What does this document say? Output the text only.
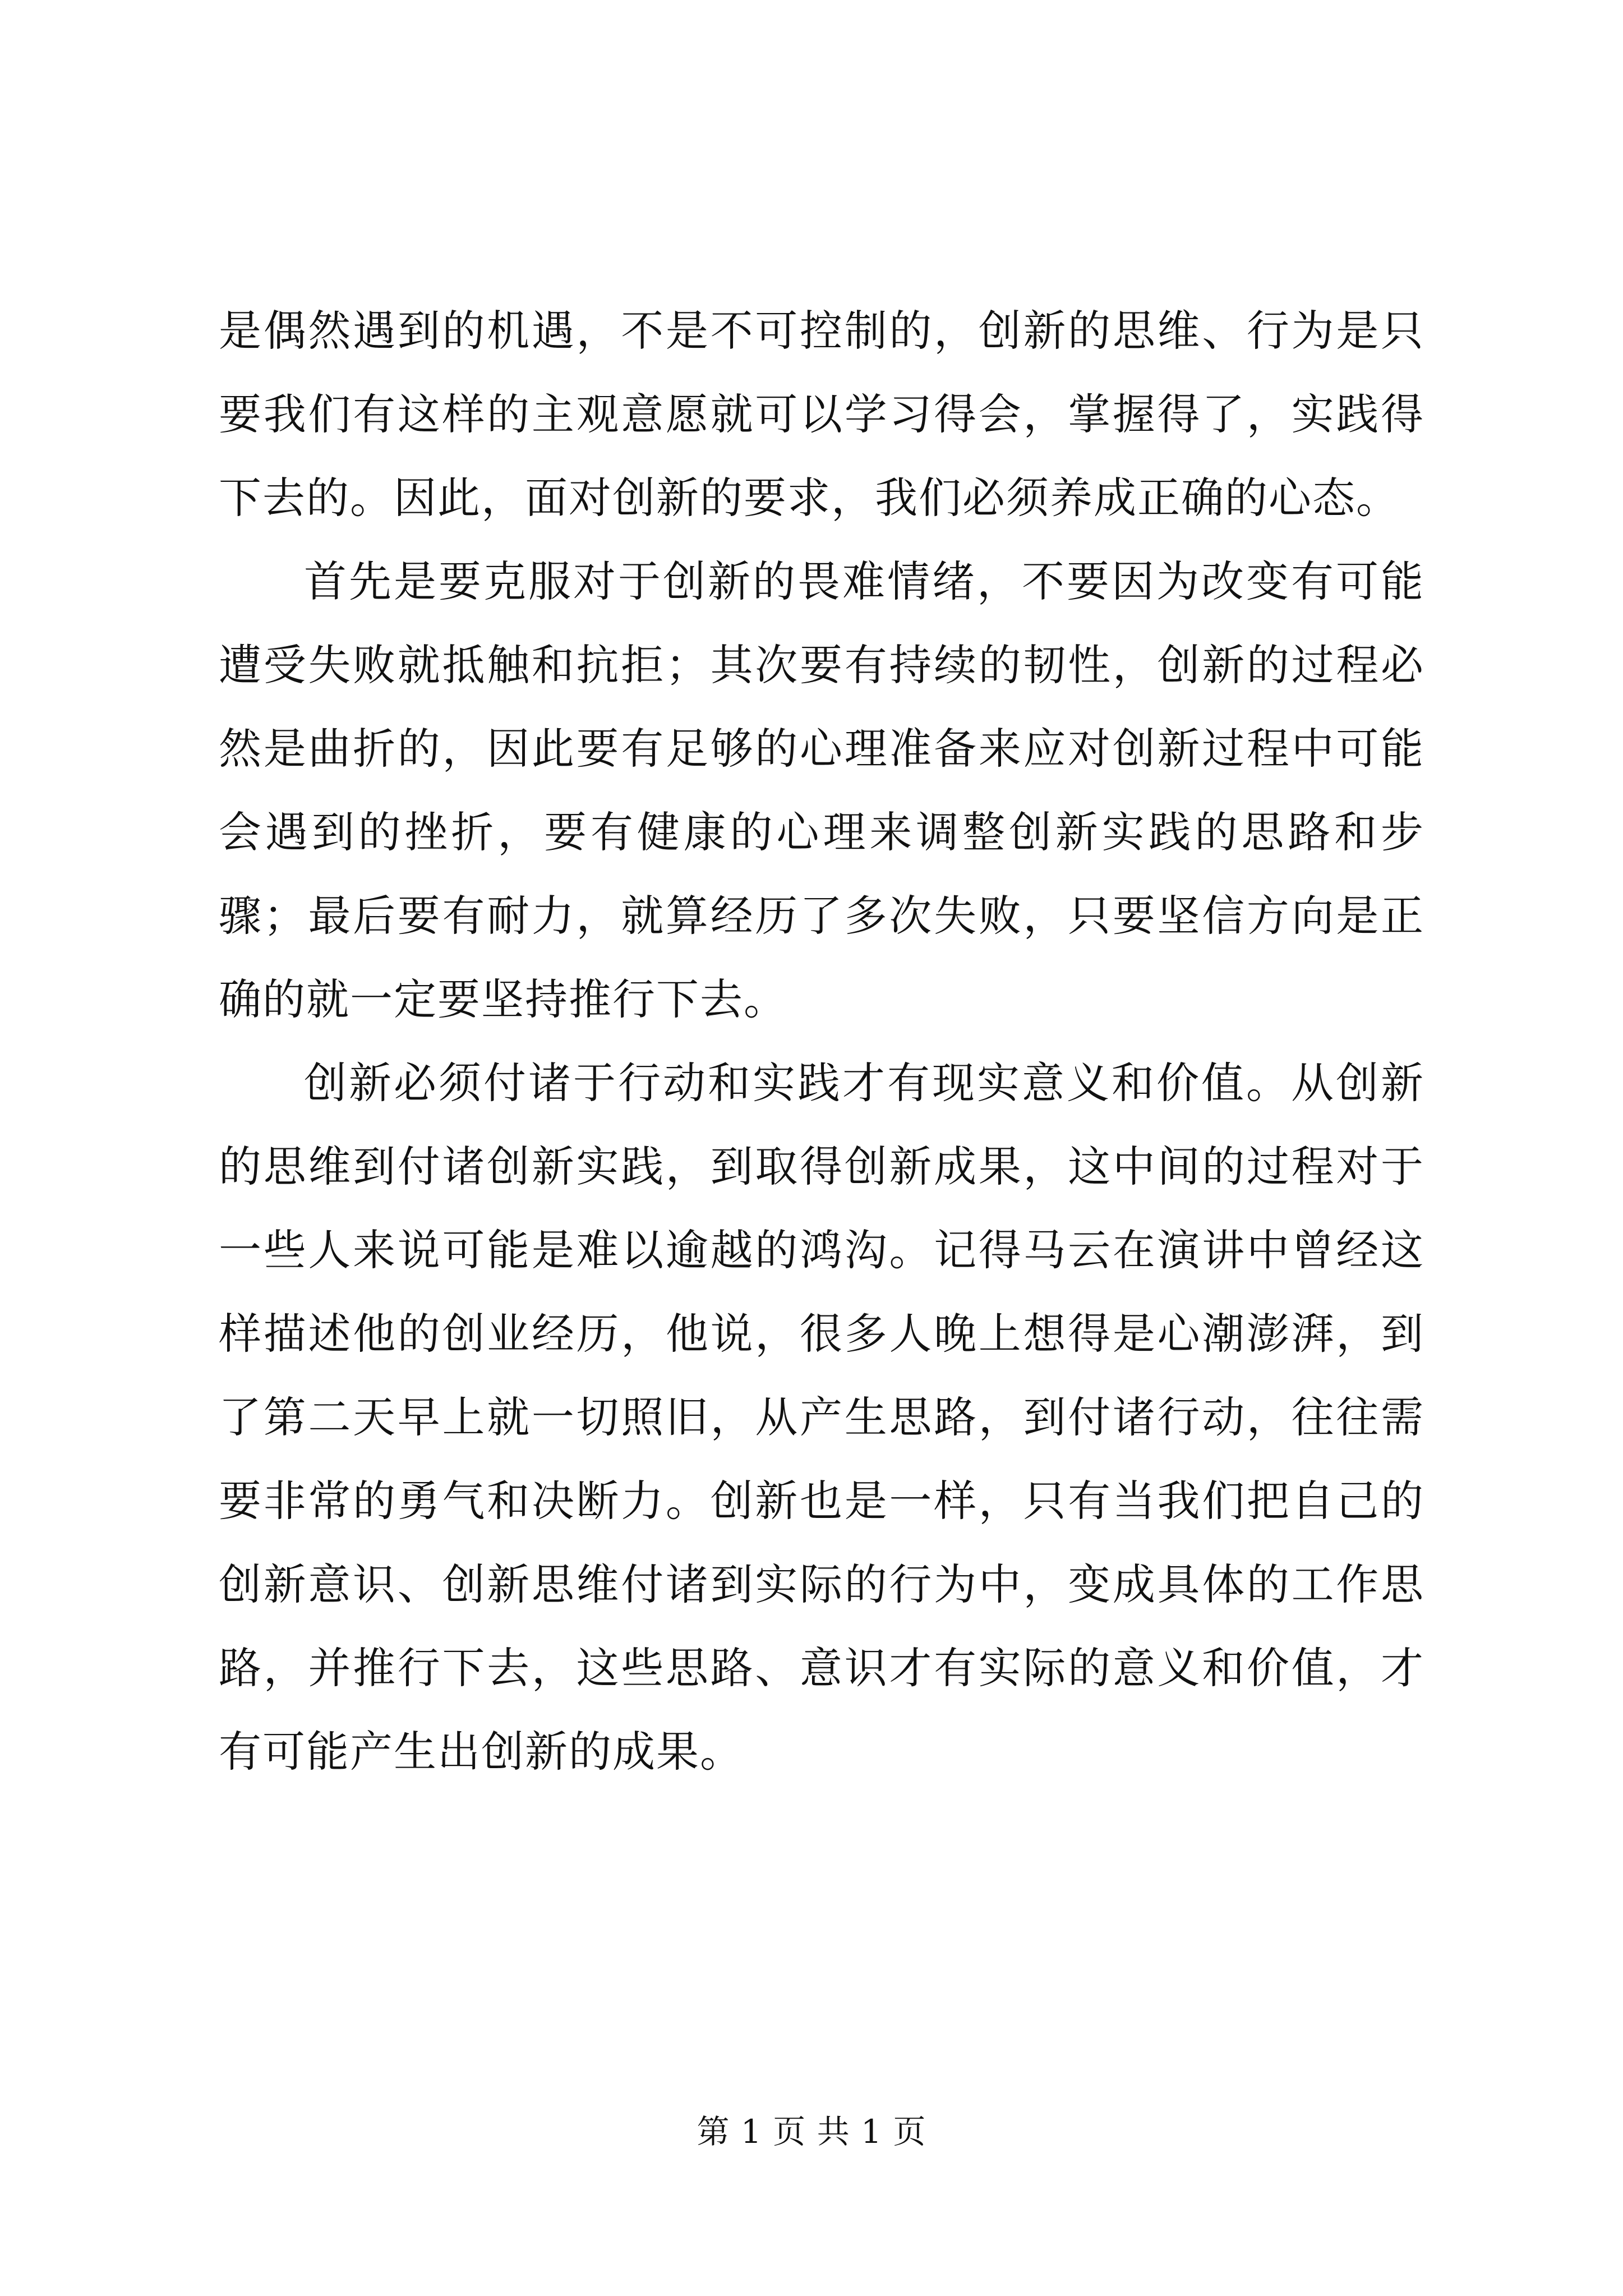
是偶然遇到的机遇，不是不可控制的，创新的思维、行为是只要我们有这样的主观意愿就可以学习得会，掌握得了，实践得下去的。因此，面对创新的要求，我们必须养成正确的心态。

首先是要克服对于创新的畏难情绪，不要因为改变有可能遭受失败就抵触和抗拒；其次要有持续的韧性，创新的过程必然是曲折的，因此要有足够的心理准备来应对创新过程中可能会遇到的挫折，要有健康的心理来调整创新实践的思路和步骤；最后要有耐力，就算经历了多次失败，只要坚信方向是正确的就一定要坚持推行下去。

创新必须付诸于行动和实践才有现实意义和价值。从创新的思维到付诸创新实践，到取得创新成果，这中间的过程对于一些人来说可能是难以逾越的鸿沟。记得马云在演讲中曾经这样描述他的创业经历，他说，很多人晚上想得是心潮澎湃，到了第二天早上就一切照旧，从产生思路，到付诸行动，往往需要非常的勇气和决断力。创新也是一样，只有当我们把自己的创新意识、创新思维付诸到实际的行为中，变成具体的工作思路，并推行下去，这些思路、意识才有实际的意义和价值，才有可能产生出创新的成果。

第 1 页 共 1 页
